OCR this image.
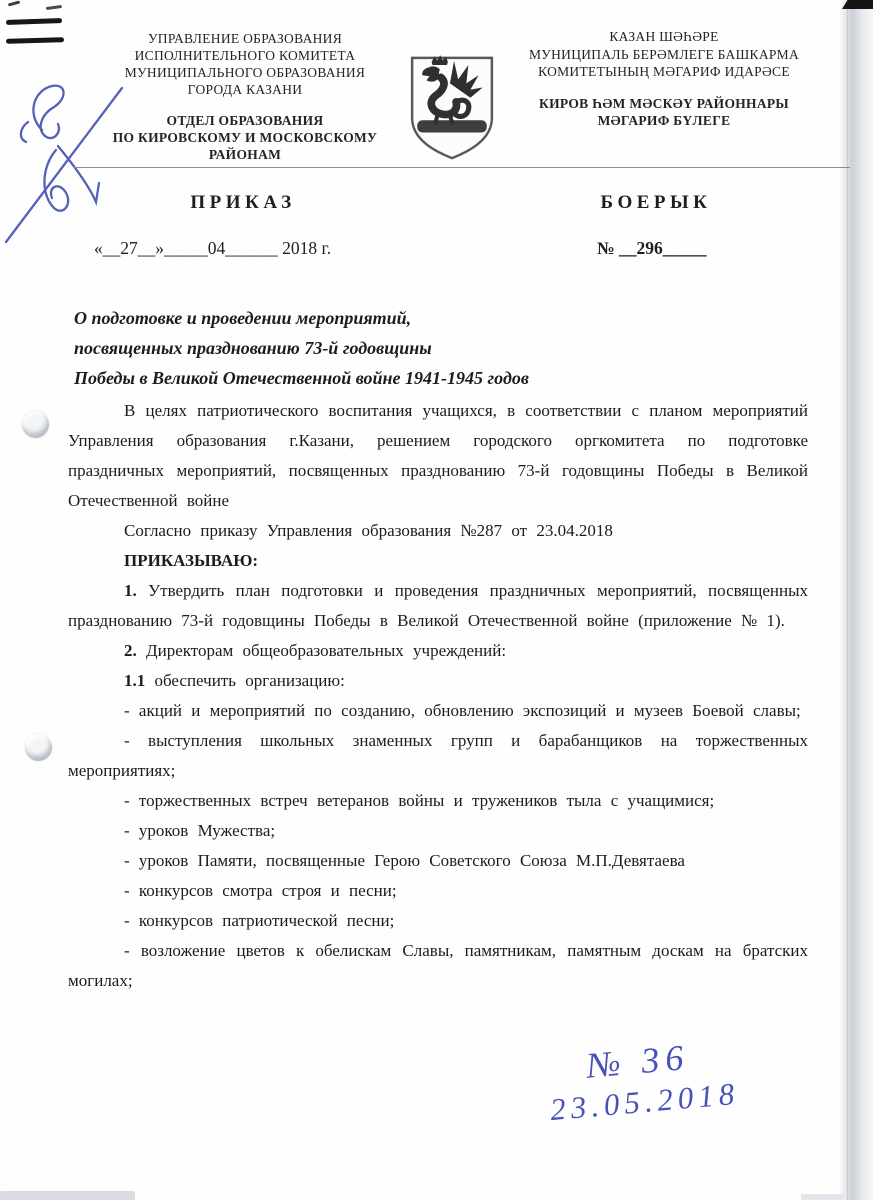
УПРАВЛЕНИЕ ОБРАЗОВАНИЯ
ИСПОЛНИТЕЛЬНОГО КОМИТЕТА
МУНИЦИПАЛЬНОГО ОБРАЗОВАНИЯ
ГОРОДА КАЗАНИ
ОТДЕЛ ОБРАЗОВАНИЯ
ПО КИРОВСКОМУ И МОСКОВСКОМУ
РАЙОНАМ
КАЗАН ШӘҺӘРЕ
МУНИЦИПАЛЬ БЕРӘМЛЕГЕ БАШКАРМА
КОМИТЕТЫНЫҢ МӘГАРИФ ИДАРӘСЕ
КИРОВ ҺӘМ МӘСКӘҮ РАЙОННАРЫ
МӘГАРИФ БҮЛЕГЕ
ПРИКАЗ	БОЕРЫК
«__27__»_____04______ 2018 г.	№ __296_____
О подготовке и проведении мероприятий,
посвященных празднованию 73-й годовщины
Победы в Великой Отечественной войне 1941-1945 годов

В целях патриотического воспитания учащихся, в соответствии с планом мероприятий Управления образования г.Казани, решением городского оргкомитета по подготовке праздничных мероприятий, посвященных празднованию 73-й годовщины Победы в Великой Отечественной войне

Согласно приказу Управления образования №287 от 23.04.2018

ПРИКАЗЫВАЮ:

1. Утвердить план подготовки и проведения праздничных мероприятий, посвященных празднованию 73-й годовщины Победы в Великой Отечественной войне (приложение № 1).

2. Директорам общеобразовательных учреждений:

1.1 обеспечить организацию:

- акций и мероприятий по созданию, обновлению экспозиций и музеев Боевой славы;

- выступления школьных знаменных групп и барабанщиков на торжественных мероприятиях;

- торжественных встреч ветеранов войны и тружеников тыла с учащимися;

- уроков Мужества;

- уроков Памяти, посвященные Герою Советского Союза М.П.Девятаева

- конкурсов смотра строя и песни;

- конкурсов патриотической песни;

- возложение цветов к обелискам Славы, памятникам, памятным доскам на братских могилах;

№ 36
23.05.2018
